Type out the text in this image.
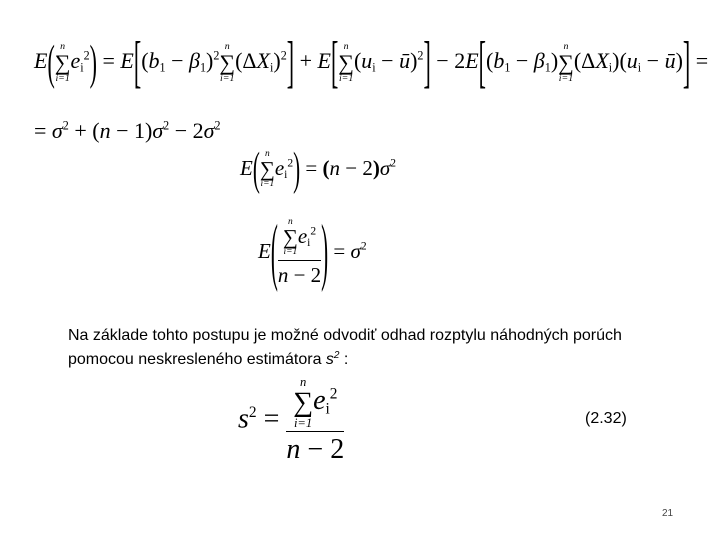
E( n
∑
i=1
$e_i^2) = E[(b_1 - \beta_1)^2$
n
∑
i=1
$(\Delta X_i)^2] + E$[ n
∑
i=1
($u_i$ − ū)$^2$] − $2E[(b_1 - \beta_1)$
n
∑
i=1
$(\Delta X_i)(u_i$ − ū)] =
= $\sigma^2 + (n - 1)\sigma^2 - 2\sigma^2$
E( n
∑
i=1
$e_i^2) = (n - 2)\sigma^2$
E( n
∑
i=1
$e_i^2$
n − 2 ) = $\sigma^2$
Na základe tohto postupu je možné odvodiť odhad rozptylu náhodných porúch pomocou neskresleného estimátora $s^2$ :
$s^2 = n$
∑
i=1
$e_i^2$
n − 2	(2.32)
21
